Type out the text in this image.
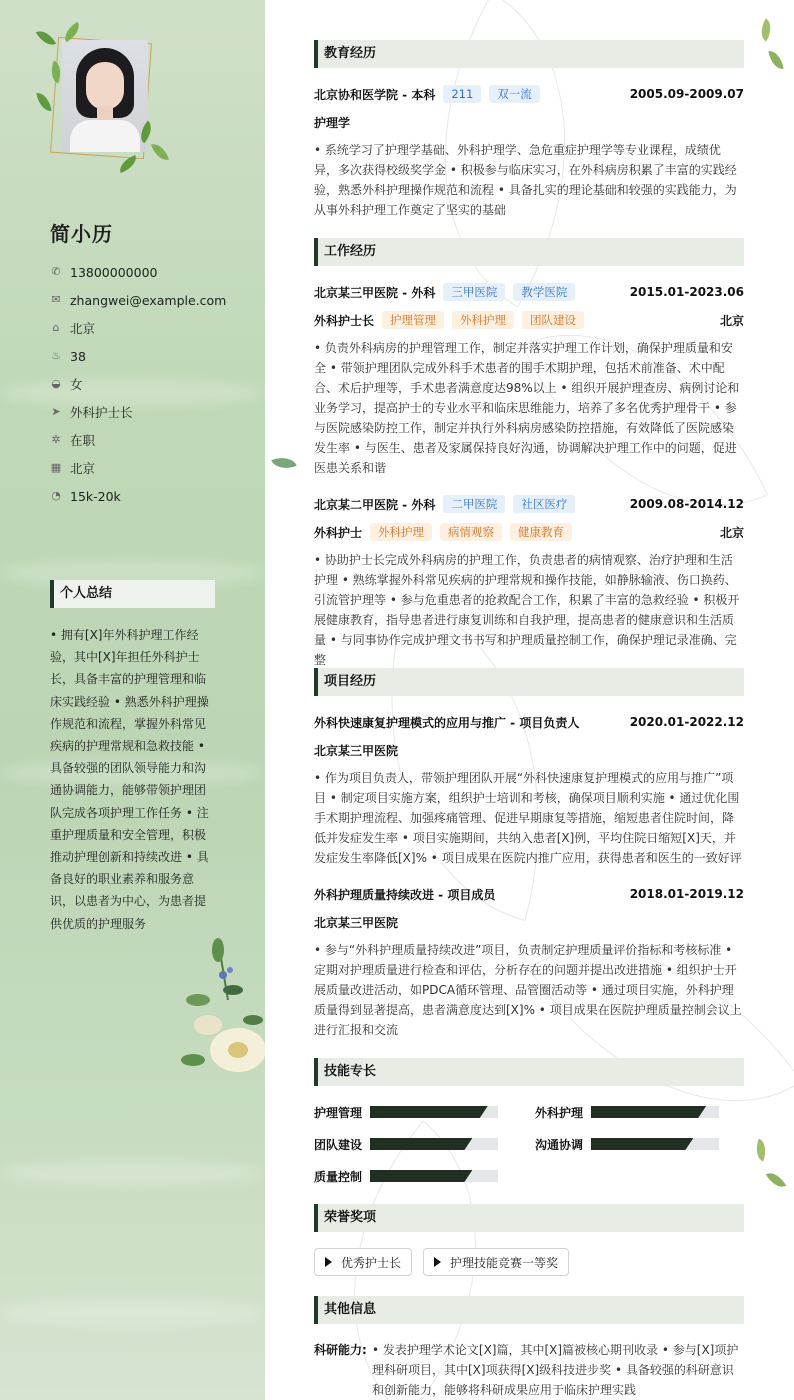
简小历
✆ 13800000000
✉ zhangwei@example.com
⌂ 北京
♨ 38
◒ 女
➤ 外科护士长
✲ 在职
▦ 北京
◔ 15k-20k
个人总结
• 拥有[X]年外科护理工作经验，其中[X]年担任外科护士长，具备丰富的护理管理和临床实践经验 • 熟悉外科护理操作规范和流程，掌握外科常见疾病的护理常规和急救技能 • 具备较强的团队领导能力和沟通协调能力，能够带领护理团队完成各项护理工作任务 • 注重护理质量和安全管理，积极推动护理创新和持续改进 • 具备良好的职业素养和服务意识，以患者为中心，为患者提供优质的护理服务
教育经历
北京协和医学院 - 本科	211	双一流	2005.09-2009.07
护理学
• 系统学习了护理学基础、外科护理学、急危重症护理学等专业课程，成绩优异，多次获得校级奖学金 • 积极参与临床实习，在外科病房积累了丰富的实践经验，熟悉外科护理操作规范和流程 • 具备扎实的理论基础和较强的实践能力，为从事外科护理工作奠定了坚实的基础
工作经历
北京某三甲医院 - 外科	三甲医院	教学医院	2015.01-2023.06
外科护士长	护理管理	外科护理	团队建设	北京
• 负责外科病房的护理管理工作，制定并落实护理工作计划，确保护理质量和安全 • 带领护理团队完成外科手术患者的围手术期护理，包括术前准备、术中配合、术后护理等，手术患者满意度达98%以上 • 组织开展护理查房、病例讨论和业务学习，提高护士的专业水平和临床思维能力，培养了多名优秀护理骨干 • 参与医院感染防控工作，制定并执行外科病房感染防控措施，有效降低了医院感染发生率 • 与医生、患者及家属保持良好沟通，协调解决护理工作中的问题，促进医患关系和谐
北京某二甲医院 - 外科	二甲医院	社区医疗	2009.08-2014.12
外科护士	外科护理	病情观察	健康教育	北京
• 协助护士长完成外科病房的护理工作，负责患者的病情观察、治疗护理和生活护理 • 熟练掌握外科常见疾病的护理常规和操作技能，如静脉输液、伤口换药、引流管护理等 • 参与危重患者的抢救配合工作，积累了丰富的急救经验 • 积极开展健康教育，指导患者进行康复训练和自我护理，提高患者的健康意识和生活质量 • 与同事协作完成护理文书书写和护理质量控制工作，确保护理记录准确、完整
项目经历
外科快速康复护理模式的应用与推广 - 项目负责人	2020.01-2022.12
北京某三甲医院
• 作为项目负责人，带领护理团队开展“外科快速康复护理模式的应用与推广”项目 • 制定项目实施方案，组织护士培训和考核，确保项目顺利实施 • 通过优化围手术期护理流程、加强疼痛管理、促进早期康复等措施，缩短患者住院时间，降低并发症发生率 • 项目实施期间，共纳入患者[X]例，平均住院日缩短[X]天，并发症发生率降低[X]% • 项目成果在医院内推广应用，获得患者和医生的一致好评
外科护理质量持续改进 - 项目成员	2018.01-2019.12
北京某三甲医院
• 参与“外科护理质量持续改进”项目，负责制定护理质量评价指标和考核标准 • 定期对护理质量进行检查和评估，分析存在的问题并提出改进措施 • 组织护士开展质量改进活动，如PDCA循环管理、品管圈活动等 • 通过项目实施，外科护理质量得到显著提高，患者满意度达到[X]% • 项目成果在医院护理质量控制会议上进行汇报和交流
技能专长
护理管理	外科护理
团队建设	沟通协调
质量控制
荣誉奖项
优秀护士长	护理技能竞赛一等奖
其他信息
科研能力: • 发表护理学术论文[X]篇，其中[X]篇被核心期刊收录 • 参与[X]项护理科研项目，其中[X]项获得[X]级科技进步奖 • 具备较强的科研意识和创新能力，能够将科研成果应用于临床护理实践
